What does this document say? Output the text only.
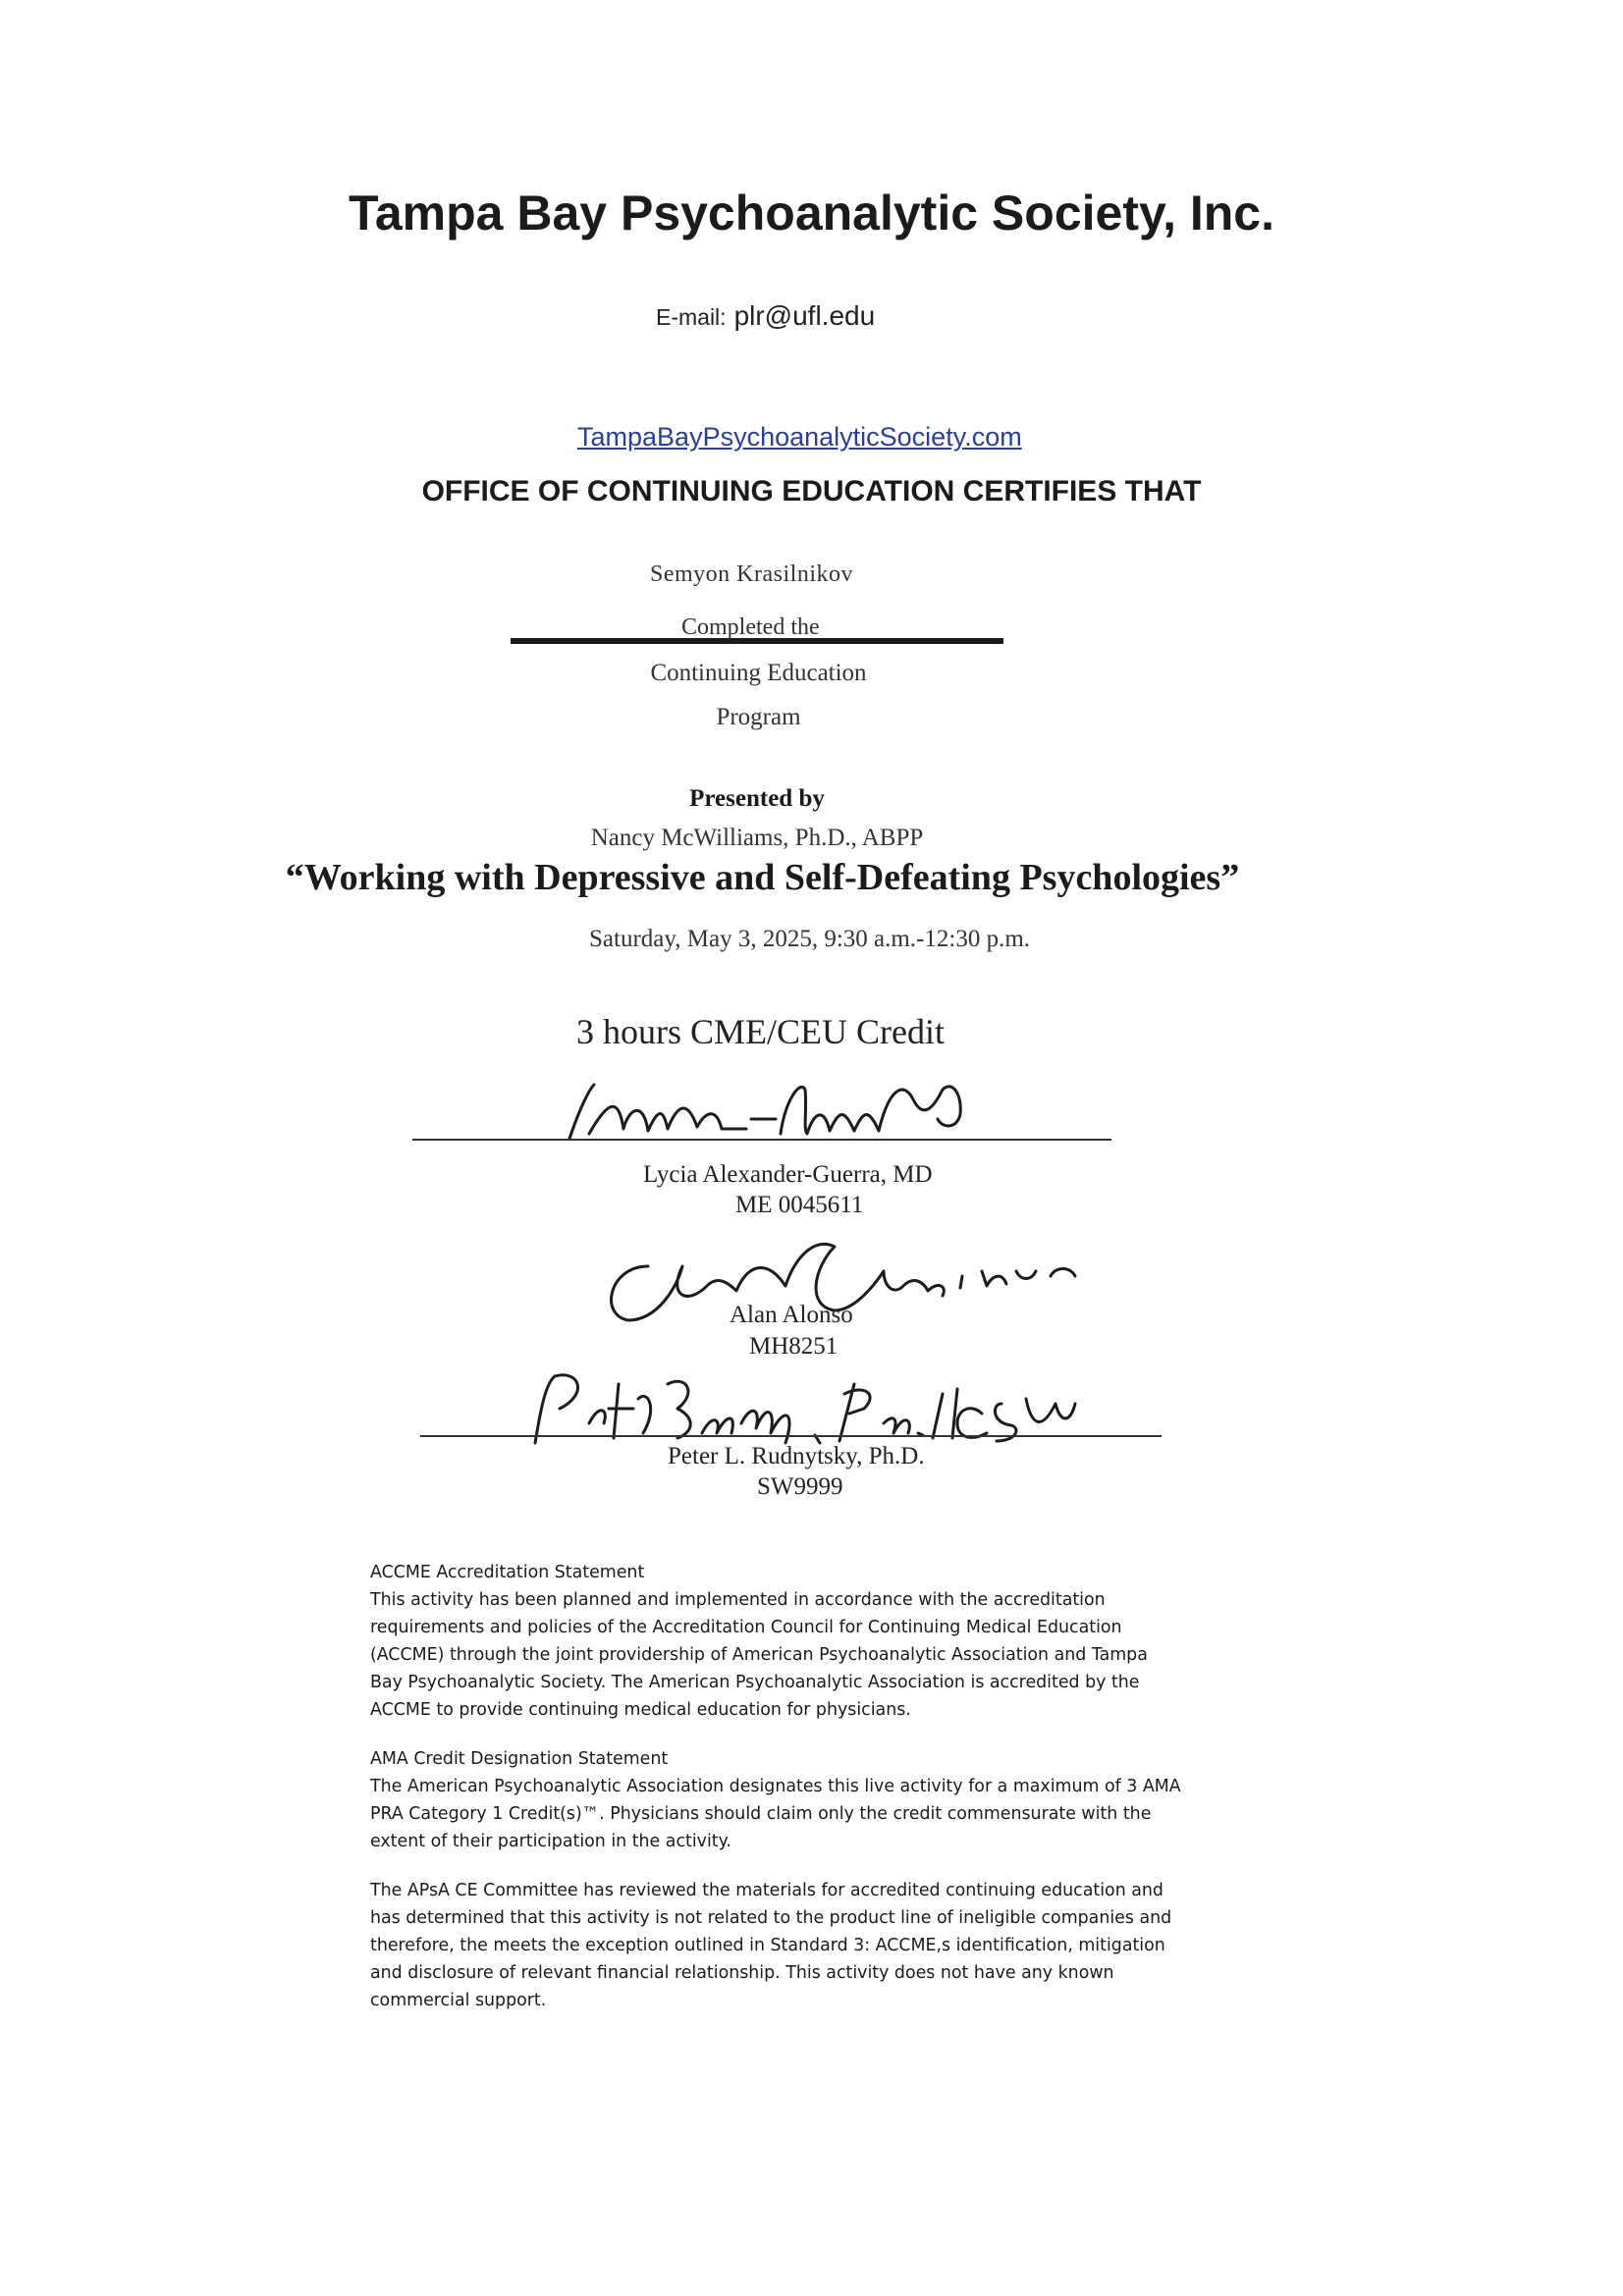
Tampa Bay Psychoanalytic Society, Inc.
E-mail: plr@ufl.edu
TampaBayPsychoanalyticSociety.com
OFFICE OF CONTINUING EDUCATION CERTIFIES THAT
Semyon Krasilnikov
Completed the
Continuing Education
Program
Presented by
Nancy McWilliams, Ph.D., ABPP
“Working with Depressive and Self-Defeating Psychologies”
Saturday, May 3, 2025, 9:30 a.m.-12:30 p.m.
3 hours CME/CEU Credit
Lycia Alexander-Guerra, MD
ME 0045611
Alan Alonso
MH8251
Peter L. Rudnytsky, Ph.D.
SW9999

ACCME Accreditation Statement

This activity has been planned and implemented in accordance with the accreditation

requirements and policies of the Accreditation Council for Continuing Medical Education

(ACCME) through the joint providership of American Psychoanalytic Association and Tampa

Bay Psychoanalytic Society. The American Psychoanalytic Association is accredited by the

ACCME to provide continuing medical education for physicians.

AMA Credit Designation Statement

The American Psychoanalytic Association designates this live activity for a maximum of 3 AMA

PRA Category 1 Credit(s)™. Physicians should claim only the credit commensurate with the

extent of their participation in the activity.

The APsA CE Committee has reviewed the materials for accredited continuing education and

has determined that this activity is not related to the product line of ineligible companies and

therefore, the meets the exception outlined in Standard 3: ACCME,s identification, mitigation

and disclosure of relevant financial relationship. This activity does not have any known

commercial support.
